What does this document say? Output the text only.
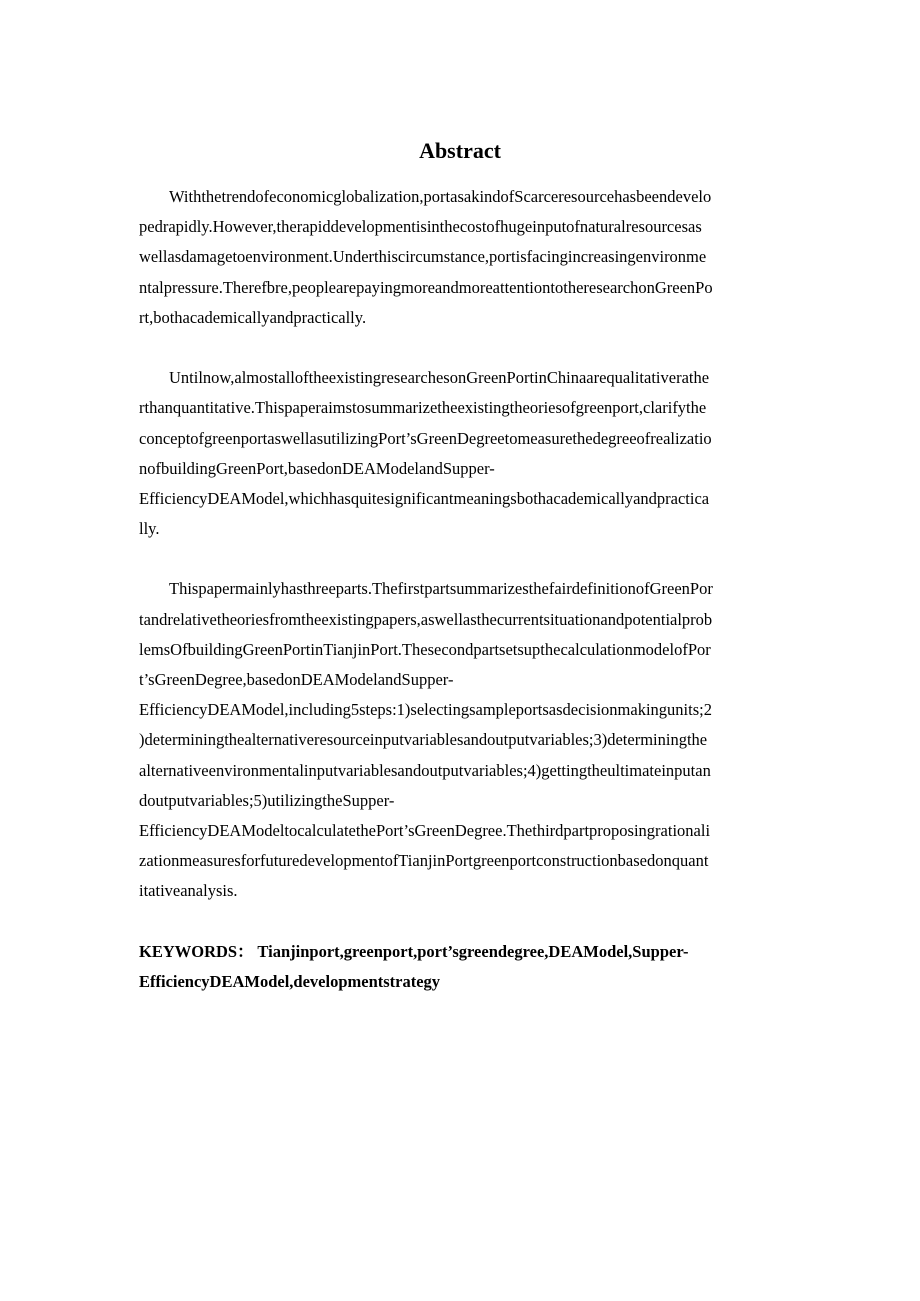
Abstract
Withthetrendofeconomicglobalization,portasakindofScarceresourcehasbeendevelo
pedrapidly.However,therapiddevelopmentisinthecostofhugeinputofnaturalresourcesas
wellasdamagetoenvironment.Underthiscircumstance,portisfacingincreasingenvironme
ntalpressure.Therefbre,peoplearepayingmoreandmoreattentiontotheresearchonGreenPo
rt,bothacademicallyandpractically.
Untilnow,almostalloftheexistingresearchesonGreenPortinChinaarequalitativerathe
rthanquantitative.Thispaperaimstosummarizetheexistingtheoriesofgreenport,clarifythe
conceptofgreenportaswellasutilizingPort’sGreenDegreetomeasurethedegreeofrealizatio
nofbuildingGreenPort,basedonDEAModelandSupper-
EfficiencyDEAModel,whichhasquitesignificantmeaningsbothacademicallyandpractica
lly.
Thispapermainlyhasthreeparts.ThefirstpartsummarizesthefairdefinitionofGreenPor
tandrelativetheoriesfromtheexistingpapers,aswellasthecurrentsituationandpotentialprob
lemsOfbuildingGreenPortinTianjinPort.ThesecondpartsetsupthecalculationmodelofPor
t’sGreenDegree,basedonDEAModelandSupper-
EfficiencyDEAModel,including5steps:1)selectingsampleportsasdecisionmakingunits;2
)determiningthealternativeresourceinputvariablesandoutputvariables;3)determiningthe
alternativeenvironmentalinputvariablesandoutputvariables;4)gettingtheultimateinputan
doutputvariables;5)utilizingtheSupper-
EfficiencyDEAModeltocalculatethePort’sGreenDegree.Thethirdpartproposingrationali
zationmeasuresforfuturedevelopmentofTianjinPortgreenportconstructionbasedonquant
itativeanalysis.
KEYWORDS： Tianjinport,greenport,port’sgreendegree,DEAModel,Supper-
EfficiencyDEAModel,developmentstrategy
